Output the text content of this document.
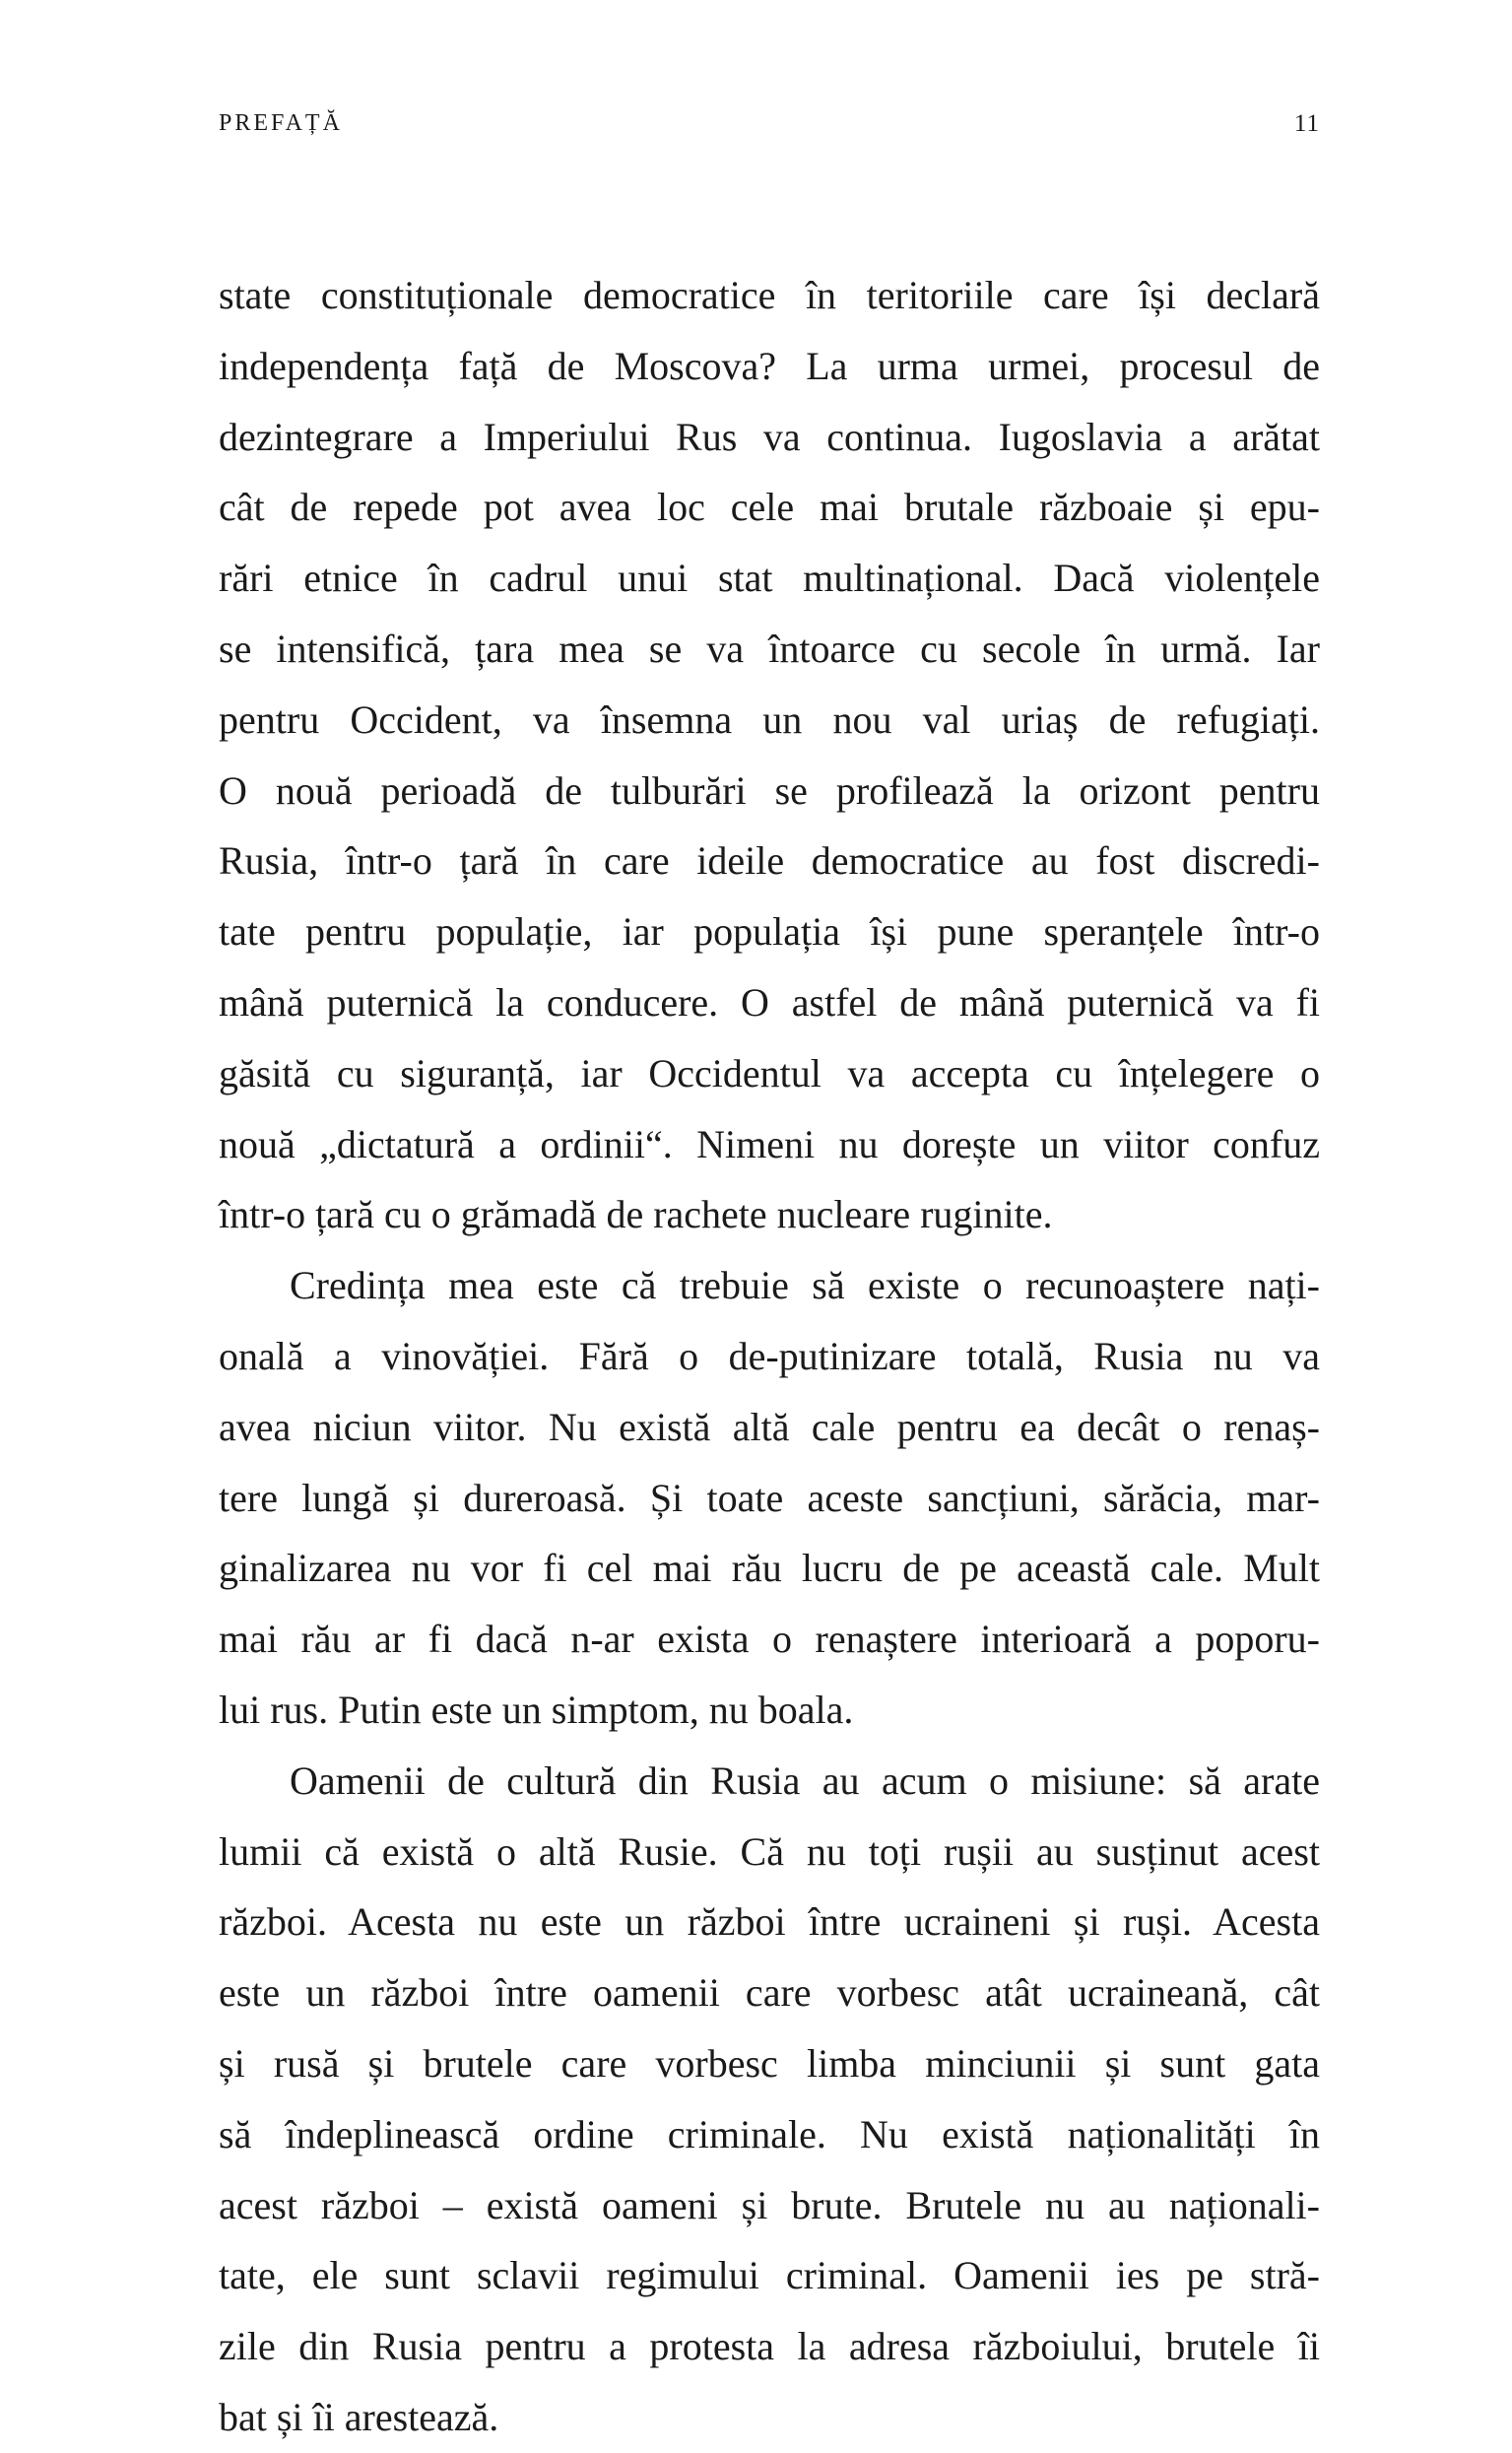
PREFAȚĂ	11
state constituționale democratice în teritoriile care își declară
independența față de Moscova? La urma urmei, procesul de
dezintegrare a Imperiului Rus va continua. Iugoslavia a arătat
cât de repede pot avea loc cele mai brutale războaie și epu-
rări etnice în cadrul unui stat multinațional. Dacă violențele
se intensifică, țara mea se va întoarce cu secole în urmă. Iar
pentru Occident, va însemna un nou val uriaș de refugiați.
O nouă perioadă de tulburări se profilează la orizont pentru
Rusia, într-o țară în care ideile democratice au fost discredi-
tate pentru populație, iar populația își pune speranțele într-o
mână puternică la conducere. O astfel de mână puternică va fi
găsită cu siguranță, iar Occidentul va accepta cu înțelegere o
nouă „dictatură a ordinii“. Nimeni nu dorește un viitor confuz
într-o țară cu o grămadă de rachete nucleare ruginite.
Credința mea este că trebuie să existe o recunoaștere nați-
onală a vinovăției. Fără o de-putinizare totală, Rusia nu va
avea niciun viitor. Nu există altă cale pentru ea decât o renaș-
tere lungă și dureroasă. Și toate aceste sancțiuni, sărăcia, mar-
ginalizarea nu vor fi cel mai rău lucru de pe această cale. Mult
mai rău ar fi dacă n-ar exista o renaștere interioară a poporu-
lui rus. Putin este un simptom, nu boala.
Oamenii de cultură din Rusia au acum o misiune: să arate
lumii că există o altă Rusie. Că nu toți rușii au susținut acest
război. Acesta nu este un război între ucraineni și ruși. Acesta
este un război între oamenii care vorbesc atât ucraineană, cât
și rusă și brutele care vorbesc limba minciunii și sunt gata
să îndeplinească ordine criminale. Nu există naționalități în
acest război – există oameni și brute. Brutele nu au naționali-
tate, ele sunt sclavii regimului criminal. Oamenii ies pe stră-
zile din Rusia pentru a protesta la adresa războiului, brutele îi
bat și îi arestează.
